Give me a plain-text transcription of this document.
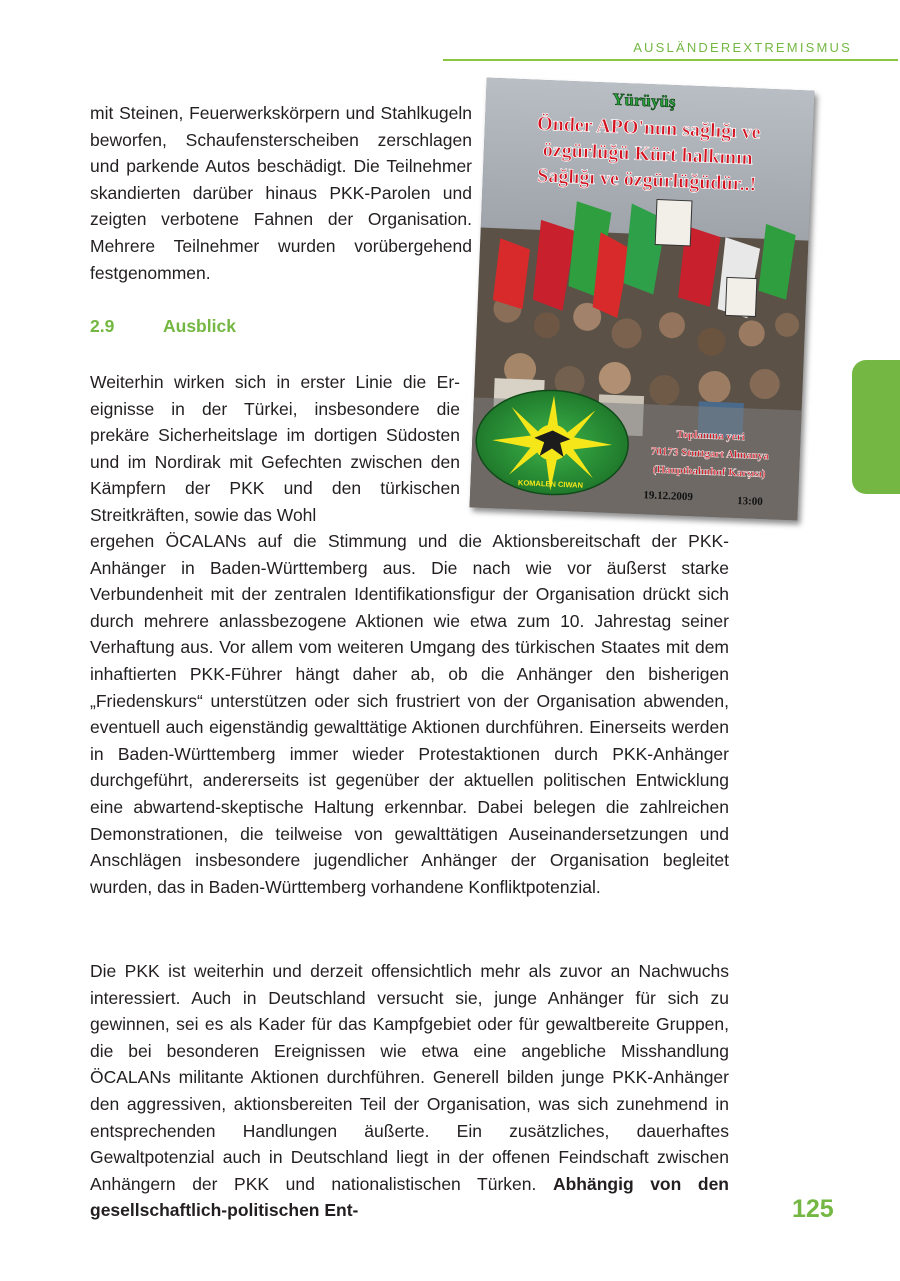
AUSLÄNDEREXTREMISMUS

mit Steinen, Feuerwerkskörpern und Stahlkugeln beworfen, Schaufensterscheiben zerschlagen und parkende Autos beschädigt. Die Teilnehmer skandierten darüber hinaus PKK-Parolen und zeigten verbotene Fahnen der Organisation. Mehrere Teilnehmer wurden vorübergehend festgenommen.

2.9	Ausblick

Weiterhin wirken sich in erster Linie die Ereignisse in der Türkei, insbesondere die prekäre Sicherheitslage im dortigen Südosten und im Nordirak mit Gefechten zwischen den Kämpfern der PKK und den türkischen Streitkräften, sowie das Wohl

ergehen ÖCALANs auf die Stimmung und die Aktionsbereitschaft der PKK-Anhänger in Baden-Württemberg aus. Die nach wie vor äußerst starke Verbundenheit mit der zentralen Identifikationsfigur der Organisation drückt sich durch mehrere anlassbezogene Aktionen wie etwa zum 10. Jahrestag seiner Verhaftung aus. Vor allem vom weiteren Umgang des türkischen Staates mit dem inhaftierten PKK-Führer hängt daher ab, ob die Anhänger den bisherigen „Friedenskurs“ unterstützen oder sich frustriert von der Organisation abwenden, eventuell auch eigenständig gewalttätige Aktionen durchführen. Einerseits werden in Baden-Württemberg immer wieder Protestaktionen durch PKK-Anhänger durchgeführt, andererseits ist gegenüber der aktuellen politischen Entwicklung eine abwartend-skeptische Haltung erkennbar. Dabei belegen die zahlreichen Demonstrationen, die teilweise von gewalttätigen Auseinandersetzungen und Anschlägen insbesondere jugendlicher Anhänger der Organisation begleitet wurden, das in Baden-Württemberg vorhandene Konfliktpotenzial.

Die PKK ist weiterhin und derzeit offensichtlich mehr als zuvor an Nachwuchs interessiert. Auch in Deutschland versucht sie, junge Anhänger für sich zu gewinnen, sei es als Kader für das Kampfgebiet oder für gewaltbereite Gruppen, die bei besonderen Ereignissen wie etwa eine angebliche Misshandlung ÖCALANs militante Aktionen durchführen. Generell bilden junge PKK-Anhänger den aggressiven, aktionsbereiten Teil der Organisation, was sich zunehmend in entsprechenden Handlungen äußerte. Ein zusätzliches, dauerhaftes Gewaltpotenzial auch in Deutschland liegt in der offenen Feindschaft zwischen Anhängern der PKK und nationalistischen Türken. Abhängig von den gesellschaftlich-politischen Ent-	125
Yürüyüş
Önder APO'nun sağlığı ve
özgürlüğü Kürt halkının
Sağlığı ve özgürlüğüdür..!
KOMALEN CIWAN
Toplanma yeri
70173 Stuttgart Almanya
(Hauptbahnhof Karşısı)
19.12.2009	13:00
